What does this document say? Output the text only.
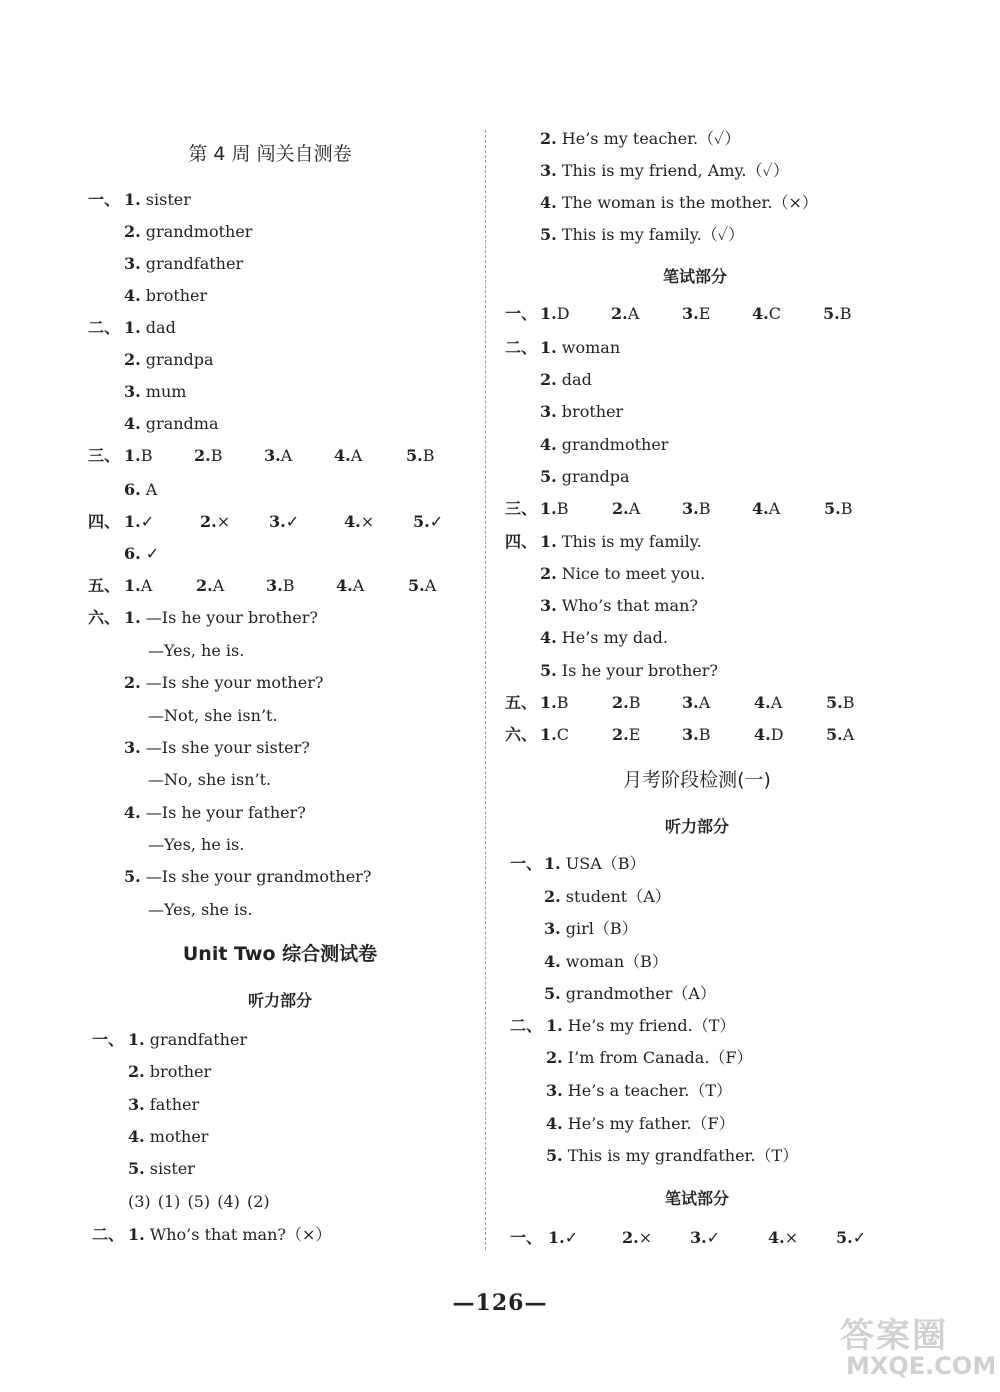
第 4 周 闯关自测卷
一、 1. sister
2. grandmother
3. grandfather
4. brother
二、 1. dad
2. grandpa
3. mum
4. grandma
三、 1. B	2. B	3. A	4. A	5. B
6. A
四、 1. ✓	2. × 3. ✓	4. × 5. ✓
6. ✓
五、 1. A	2. A	3. B	4. A	5. A
六、 1. —Is he your brother?
—Yes, he is.
2. —Is she your mother?
—Not, she isn’t.
3. —Is she your sister?
—No, she isn’t.
4. —Is he your father?
—Yes, he is.
5. —Is she your grandmother?
—Yes, she is.
Unit Two 综合测试卷
听力部分
一、 1. grandfather
2. brother
3. father
4. mother
5. sister
(3) (1) (5) (4) (2)
二、 1. Who’s that man?（×）
2. He’s my teacher.（✓）
3. This is my friend, Amy.（✓）
4. The woman is the mother.（×）
5. This is my family.（✓）
笔试部分
一、 1. D	2. A	3. E	4. C	5. B
二、 1. woman
2. dad
3. brother
4. grandmother
5. grandpa
三、 1. B	2. A	3. B	4. A	5. B
四、 1. This is my family.
2. Nice to meet you.
3. Who’s that man?
4. He’s my dad.
5. Is he your brother?
五、 1. B	2. B	3. A	4. A	5. B
六、 1. C	2. E	3. B	4. D	5. A
月考阶段检测(一)
听力部分
一、 1. USA（B）
2. student（A）
3. girl（B）
4. woman（B）
5. grandmother（A）
二、 1. He’s my friend.（T）
2. I’m from Canada.（F）
3. He’s a teacher.（T）
4. He’s my father.（F）
5. This is my grandfather.（T）
笔试部分
一、 1. ✓	2. × 3. ✓	4. × 5. ✓
—126—
答案圈
MXQE.COM
